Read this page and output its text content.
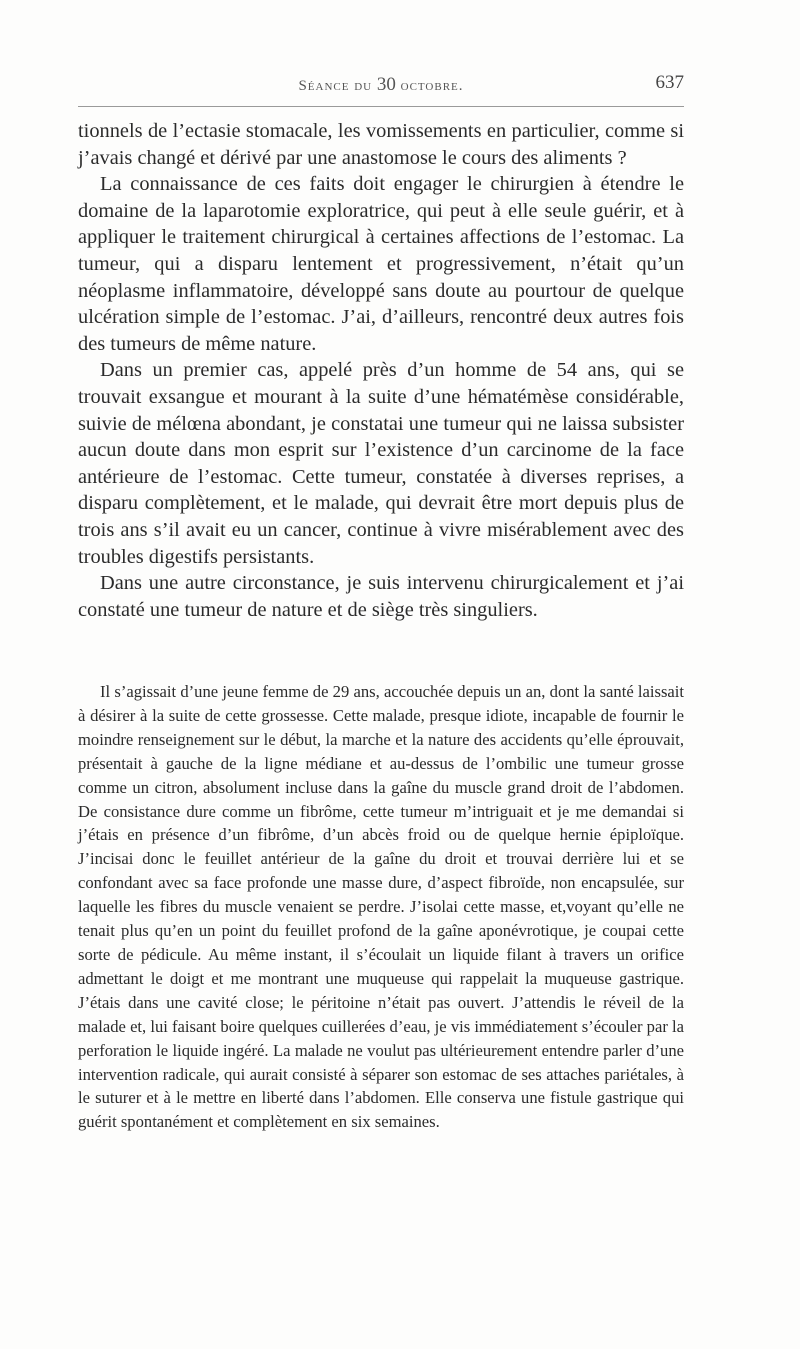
Séance du 30 octobre.	637

tionnels de l’ectasie stomacale, les vomissements en particulier, comme si j’avais changé et dérivé par une anastomose le cours des aliments ?

La connaissance de ces faits doit engager le chirurgien à étendre le domaine de la laparotomie exploratrice, qui peut à elle seule guérir, et à appliquer le traitement chirurgical à certaines affections de l’estomac. La tumeur, qui a disparu lentement et progressivement, n’était qu’un néoplasme inflammatoire, développé sans doute au pourtour de quelque ulcération simple de l’estomac. J’ai, d’ailleurs, rencontré deux autres fois des tumeurs de même nature.

Dans un premier cas, appelé près d’un homme de 54 ans, qui se trouvait exsangue et mourant à la suite d’une hématémèse considérable, suivie de mélœna abondant, je constatai une tumeur qui ne laissa subsister aucun doute dans mon esprit sur l’existence d’un carcinome de la face antérieure de l’estomac. Cette tumeur, constatée à diverses reprises, a disparu complètement, et le malade, qui devrait être mort depuis plus de trois ans s’il avait eu un cancer, continue à vivre misérablement avec des troubles digestifs persistants.

Dans une autre circonstance, je suis intervenu chirurgicalement et j’ai constaté une tumeur de nature et de siège très singuliers.

Il s’agissait d’une jeune femme de 29 ans, accouchée depuis un an, dont la santé laissait à désirer à la suite de cette grossesse. Cette malade, presque idiote, incapable de fournir le moindre renseignement sur le début, la marche et la nature des accidents qu’elle éprouvait, présentait à gauche de la ligne médiane et au-dessus de l’ombilic une tumeur grosse comme un citron, absolument incluse dans la gaîne du muscle grand droit de l’abdomen. De consistance dure comme un fibrôme, cette tumeur m’intriguait et je me demandai si j’étais en présence d’un fibrôme, d’un abcès froid ou de quelque hernie épiploïque. J’incisai donc le feuillet antérieur de la gaîne du droit et trouvai derrière lui et se confondant avec sa face profonde une masse dure, d’aspect fibroïde, non encapsulée, sur laquelle les fibres du muscle venaient se perdre. J’isolai cette masse, et,voyant qu’elle ne tenait plus qu’en un point du feuillet profond de la gaîne aponévrotique, je coupai cette sorte de pédicule. Au même instant, il s’écoulait un liquide filant à travers un orifice admettant le doigt et me montrant une muqueuse qui rappelait la muqueuse gastrique. J’étais dans une cavité close; le péritoine n’était pas ouvert. J’attendis le réveil de la malade et, lui faisant boire quelques cuillerées d’eau, je vis immédiatement s’écouler par la perforation le liquide ingéré. La malade ne voulut pas ultérieurement entendre parler d’une intervention radicale, qui aurait consisté à séparer son estomac de ses attaches pariétales, à le suturer et à le mettre en liberté dans l’abdomen. Elle conserva une fistule gastrique qui guérit spontanément et complètement en six semaines.
